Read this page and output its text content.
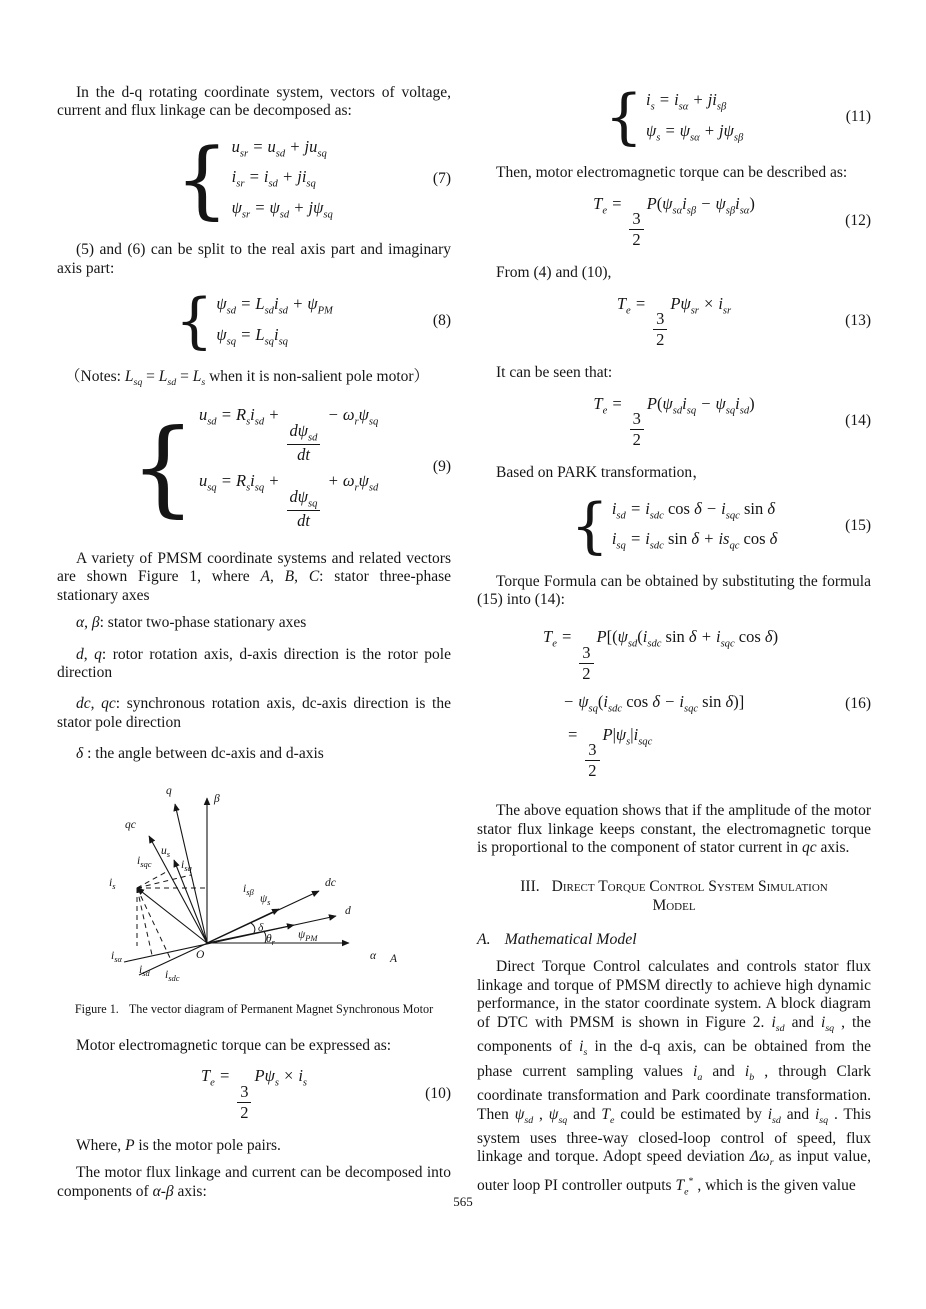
In the d-q rotating coordinate system, vectors of voltage, current and flux linkage can be decomposed as:

{ $u_{sr} = u_{sd} + ju_{sq}$
$i_{sr} = i_{sd} + ji_{sq}$
$\psi_{sr} = \psi_{sd} + j\psi_{sq}$
(7)

(5) and (6) can be split to the real axis part and imaginary axis part:

{ $\psi_{sd} = L_{sd}i_{sd} + \psi_{PM}$
$\psi_{sq} = L_{sq}i_{sq}$
(8)

（Notes: $L_{sq} = L_{sd} = L_s$ when it is non-salient pole motor）

{ $u_{sd} = R_si_{sd}$ +
$\frac{d\psi_{sd}}{dt}$
− $\omega_r\psi_{sq}$
$u_{sq} = R_si_{sq}$ +
$\frac{d\psi_{sq}}{dt}$
+ $\omega_r\psi_{sd}$
(9)

A variety of PMSM coordinate systems and related vectors are shown Figure 1, where A, B, C: stator three-phase stationary axes

α, β: stator two-phase stationary axes

d, q: rotor rotation axis, d-axis direction is the rotor pole direction

dc, qc: synchronous rotation axis, dc-axis direction is the stator pole direction

δ : the angle between dc-axis and d-axis

β
q
qc
α A
O
dc
d
δ
$\theta_r$
$u_s$
$i_s$
$i_{sq}$
$i_{sqc}$
$i_{s\beta}$
$\psi_s$
$\psi_{PM}$
$i_{s\alpha}$
$i_{sd}$ $i_{sdc}$

Figure 1. The vector diagram of Permanent Magnet Synchronous Motor

Motor electromagnetic torque can be expressed as:

$T_e$ =
$\frac{3}{2}$
$P\psi_s \times i_s$
(10)

Where, P is the motor pole pairs.

The motor flux linkage and current can be decomposed into components of α-β axis:

{ $i_s = i_{s\alpha} + ji_{s\beta}$
$\psi_s = \psi_{s\alpha} + j\psi_{s\beta}$
(11)

Then, motor electromagnetic torque can be described as:

$T_e$ =
$\frac{3}{2}$
$P(\psi_{s\alpha}i_{s\beta} - \psi_{s\beta}i_{s\alpha})$
(12)

From (4) and (10),

$T_e$ =
$\frac{3}{2}$
$P\psi_{sr} \times i_{sr}$
(13)

It can be seen that:

$T_e$ =
$\frac{3}{2}$
$P(\psi_{sd}i_{sq} - \psi_{sq}i_{sd})$
(14)

Based on PARK transformation，

{ $i_{sd} = i_{sdc}$ $\cos \delta - i_{sqc}$ sin δ
$i_{sq} = i_{sdc}$ $\sin \delta + is_{qc}$ cos δ
(15)

Torque Formula can be obtained by substituting the formula (15) into (14):

$T_e$ =
$\frac{3}{2}$
$P[(\psi_{sd}(i_{sdc}$ $\sin \delta + i_{sqc}$ cos δ)
− $\psi_{sq}(i_{sdc}$ $\cos \delta - i_{sqc}$ sin δ)]
=
$\frac{3}{2}$
$P|\psi_s|i_{sqc}$
(16)

The above equation shows that if the amplitude of the motor stator flux linkage keeps constant, the electromagnetic torque is proportional to the component of stator current in qc axis.

III. Direct Torque Control System Simulation Model
A. Mathematical Model

Direct Torque Control calculates and controls stator flux linkage and torque of PMSM directly to achieve high dynamic performance, in the stator coordinate system. A block diagram of DTC with PMSM is shown in Figure 2. $i_{sd}$ and $i_{sq}$ , the components of $i_s$ in the d-q axis, can be obtained from the phase current sampling values $i_a$ and $i_b$ , through Clark coordinate transformation and Park coordinate transformation. Then $\psi_{sd}$ , $\psi_{sq}$ and $T_e$ could be estimated by $i_{sd}$ and $i_{sq}$ . This system uses three-way closed-loop control of speed, flux linkage and torque. Adopt speed deviation $\Delta\omega_r$ as input value, outer loop PI controller outputs $T_e^*$ , which is the given value

565
